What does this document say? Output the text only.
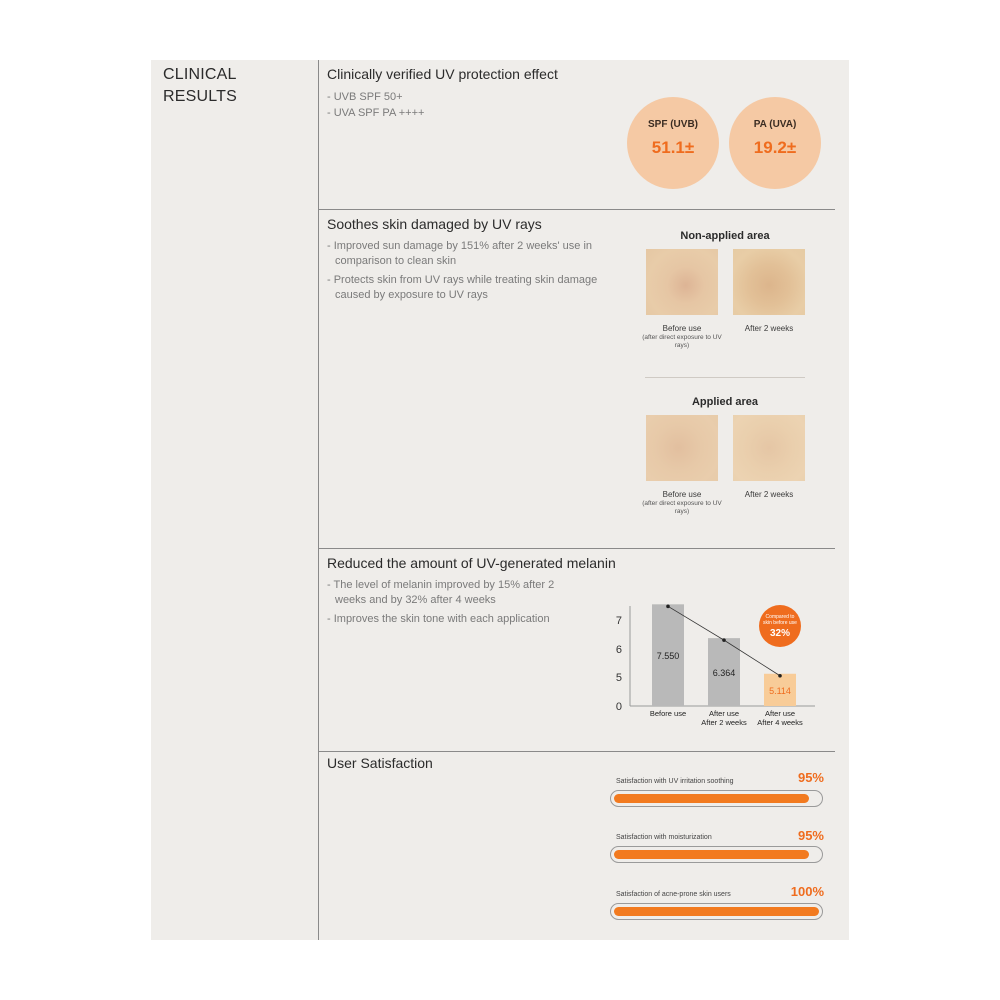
CLINICAL
RESULTS
Clinically verified UV protection effect
- UVB SPF 50+
- UVA SPF PA ++++
SPF (UVB)
51.1±
PA (UVA)
19.2±
Soothes skin damaged by UV rays
- Improved sun damage by 151% after 2 weeks' use in comparison to clean skin
- Protects skin from UV rays while treating skin damage caused by exposure to UV rays
Non-applied area
Before use
(after direct exposure to UV rays)
After 2 weeks
Applied area
Before use
(after direct exposure to UV rays)
After 2 weeks
Reduced the amount of UV-generated melanin
- The level of melanin improved by 15% after 2 weeks and by 32% after 4 weeks
- Improves the skin tone with each application
0
5
6
7
7.550
Before use
6.364
After use
After 2 weeks
5.114
After use
After 4 weeks
Compared to
skin before use
32%
User Satisfaction
Satisfaction with UV irritation soothing	95%
Satisfaction with moisturization	95%
Satisfaction of acne-prone skin users	100%
